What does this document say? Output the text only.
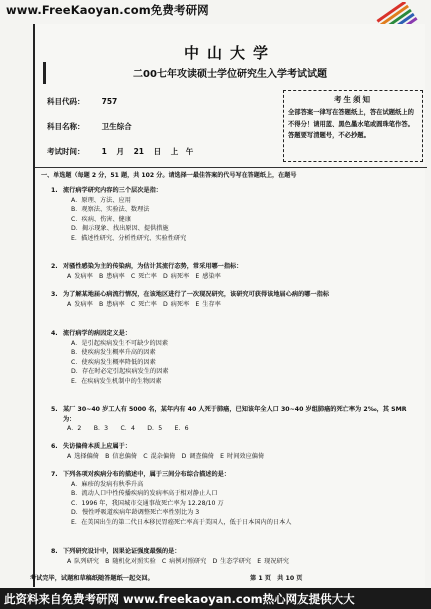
www.FreeKaoyan.com免费考研网
中山大学
二00七年攻读硕士学位研究生入学考试试题
科目代码： 757
科目名称： 卫生综合
考试时间： 1 月 21 日 上　午
考生须知
全部答案一律写在答题纸上，答在试题纸上的不得分！请用蓝、黑色墨水笔或圆珠笔作答。答题要写清题号，不必抄题。
一、单选题（每题 2 分，51 题，共 102 分。请选择一最佳答案的代号写在答题纸上，在题号
1. 流行病学研究内容的三个层次是指：
A．原理、方法、应用
B．观察法、实验法、数理法
C．疾病、伤害、健康
D．揭示现象、找出原因、提供措施
E．描述性研究、分析性研究、实验性研究
2. 对骚性感染为主的传染病，为估计其流行态势，常采用哪一指标：
A 发病率　B 患病率　C 死亡率　D 病死率　E 感染率
3. 为了解某地届心病流行情况，在该地区进行了一次现况研究，该研究可获得该地届心病的哪一指标
A 发病率　B 患病率　C 死亡率　D 病死率　E 生存率
4. 流行病学的病因定义是：
A．是引起疾病发生不可缺少的因素
B．使疾病发生概率升高的因素
C．使疾病发生概率降低的因素
D．存在时必定引起疾病发生的因素
E．在疾病发生机制中的生物因素
5. 某厂 30~40 岁工人有 5000 名，某年内有 40 人死于肺癌，已知该年全人口 30~40 岁组肺癌的死亡率为 2‰，其 SMR 为：
A．2　　B．3　　C．4　　D．5　　E．6
6. 失访偏倚本质上应属于：
A 选择偏倚　B 信息偏倚　C 混杂偏倚　D 调查偏倚　E 时间效应偏倚
7. 下列各项对疾病分布的描述中，属于三间分布综合描述的是：
A．麻疹的发病有秋季升高
B．流动人口中性传播疾病的发病率高于相对静止人口
C．1996 年，我国城市交通事故死亡率为 12.28/10 万
D．慢性呼吸道疾病年龄调整死亡率性别比为 3
E．在美国出生的第二代日本移民胃癌死亡率高于美国人，低于日本国内的日本人
8. 下列研究设计中，因果论证强度最强的是：
A 队列研究　B 随机化对照实验　C 病例对照研究　D 生态学研究　E 现况研究
考试完毕，试题和草稿纸随答题纸一起交回。	第 1 页　共 10 页
此资料来自免费考研网 www.freekaoyan.com热心网友提供大大
